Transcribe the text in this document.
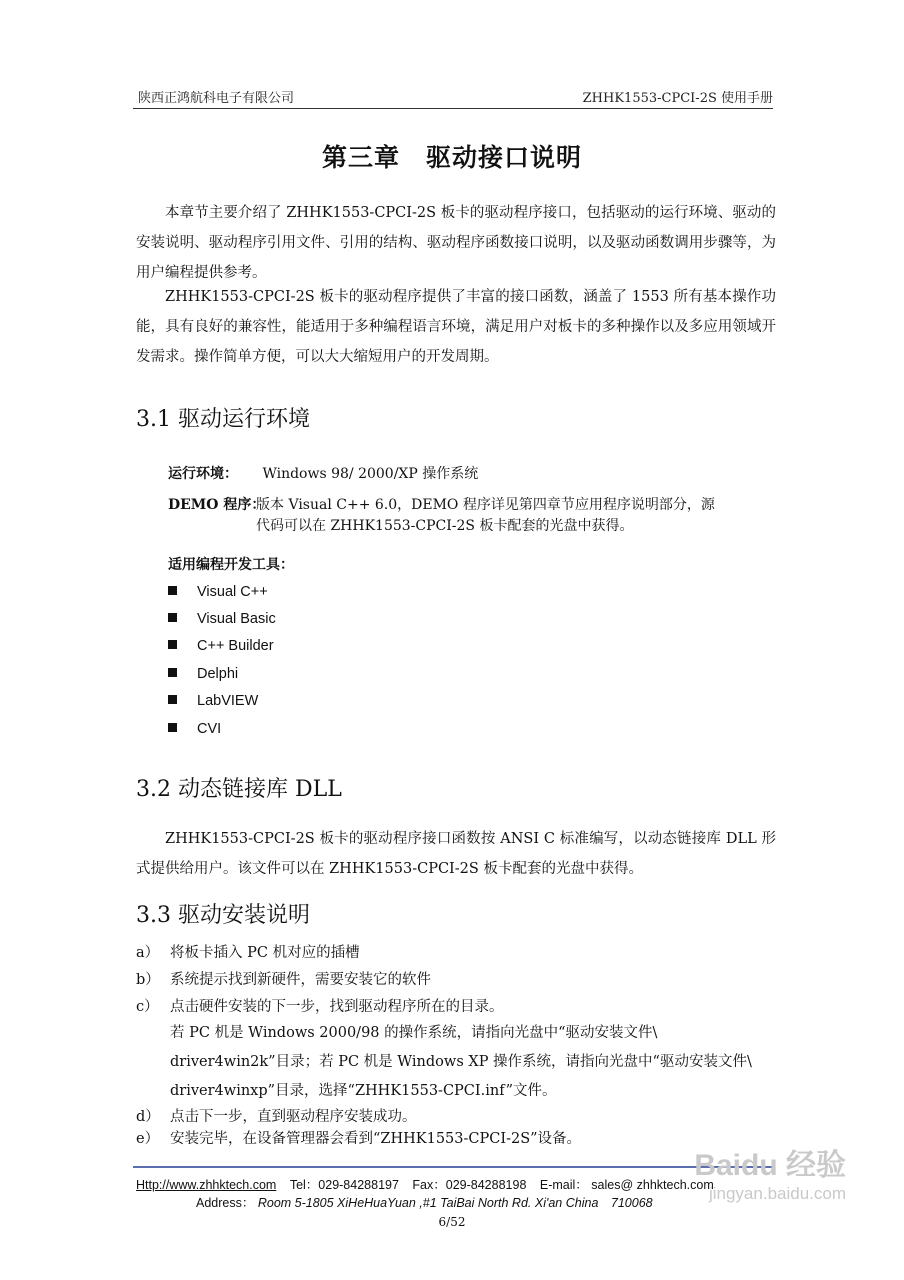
陕西正鸿航科电子有限公司	ZHHK1553-CPCI-2S 使用手册
第三章　驱动接口说明
本章节主要介绍了 ZHHK1553-CPCI-2S 板卡的驱动程序接口，包括驱动的运行环境、驱动的安装说明、驱动程序引用文件、引用的结构、驱动程序函数接口说明，以及驱动函数调用步骤等，为用户编程提供参考。
ZHHK1553-CPCI-2S 板卡的驱动程序提供了丰富的接口函数，涵盖了 1553 所有基本操作功能，具有良好的兼容性，能适用于多种编程语言环境，满足用户对板卡的多种操作以及多应用领域开发需求。操作简单方便，可以大大缩短用户的开发周期。
3.1 驱动运行环境
运行环境： Windows 98/ 2000/XP 操作系统
DEMO 程序：
版本 Visual C++ 6.0，DEMO 程序详见第四章节应用程序说明部分，源
代码可以在 ZHHK1553-CPCI-2S 板卡配套的光盘中获得。
适用编程开发工具：
Visual C++
Visual Basic
C++ Builder
Delphi
LabVIEW
CVI
3.2 动态链接库 DLL
ZHHK1553-CPCI-2S 板卡的驱动程序接口函数按 ANSI C 标准编写，以动态链接库 DLL 形式提供给用户。该文件可以在 ZHHK1553-CPCI-2S 板卡配套的光盘中获得。
3.3 驱动安装说明
a） 将板卡插入 PC 机对应的插槽
b） 系统提示找到新硬件，需要安装它的软件
c） 点击硬件安装的下一步，找到驱动程序所在的目录。
若 PC 机是 Windows 2000/98 的操作系统，请指向光盘中“驱动安装文件\ driver4win2k”目录；若 PC 机是 Windows XP 操作系统，请指向光盘中“驱动安装文件\ driver4winxp”目录，选择“ZHHK1553-CPCI.inf”文件。
d） 点击下一步，直到驱动程序安装成功。
e） 安装完毕，在设备管理器会看到“ZHHK1553-CPCI-2S”设备。
Http://www.zhhktech.com Tel：029-84288197 Fax：029-84288198 E-mail： sales@ zhhktech.com
Address： Room 5-1805 XiHeHuaYuan ,#1 TaiBai North Rd. Xi'an China　710068
6/52
Baidu 经验
jingyan.baidu.com
